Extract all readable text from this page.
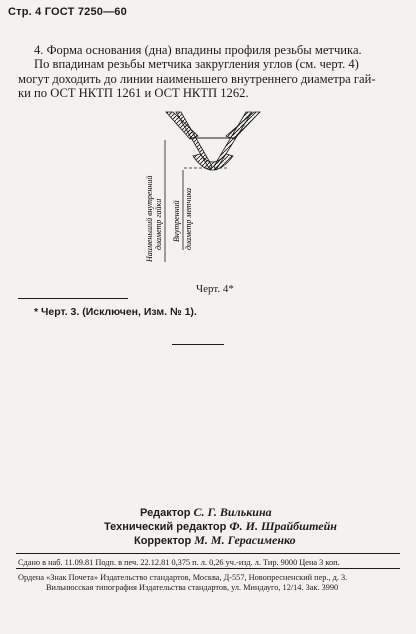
Стр. 4 ГОСТ 7250—60
4. Форма основания (дна) впадины профиля резьбы метчика.
По впадинам резьбы метчика закругления углов (см. черт. 4)
могут доходить до линии наименьшего внутреннего диаметра гай-
ки по ОСТ НКТП 1261 и ОСТ НКТП 1262.
Наименьший внутренний диаметр гайки Внутренний диаметр метчика
Черт. 4*
* Черт. 3. (Исключен, Изм. № 1).
Редактор С. Г. Вилькина
Технический редактор Ф. И. Шрайбштейн
Корректор М. М. Герасименко
Сдано в наб. 11.09.81 Подп. в печ. 22.12.81 0,375 п. л. 0,26 уч.-изд. л. Тир. 9000 Цена 3 коп.
Ордена «Знак Почета» Издательство стандартов, Москва, Д-557, Новопресненский пер., д. 3.
Вильнюсская типография Издательства стандартов, ул. Миндауго, 12/14. Зак. 3990
